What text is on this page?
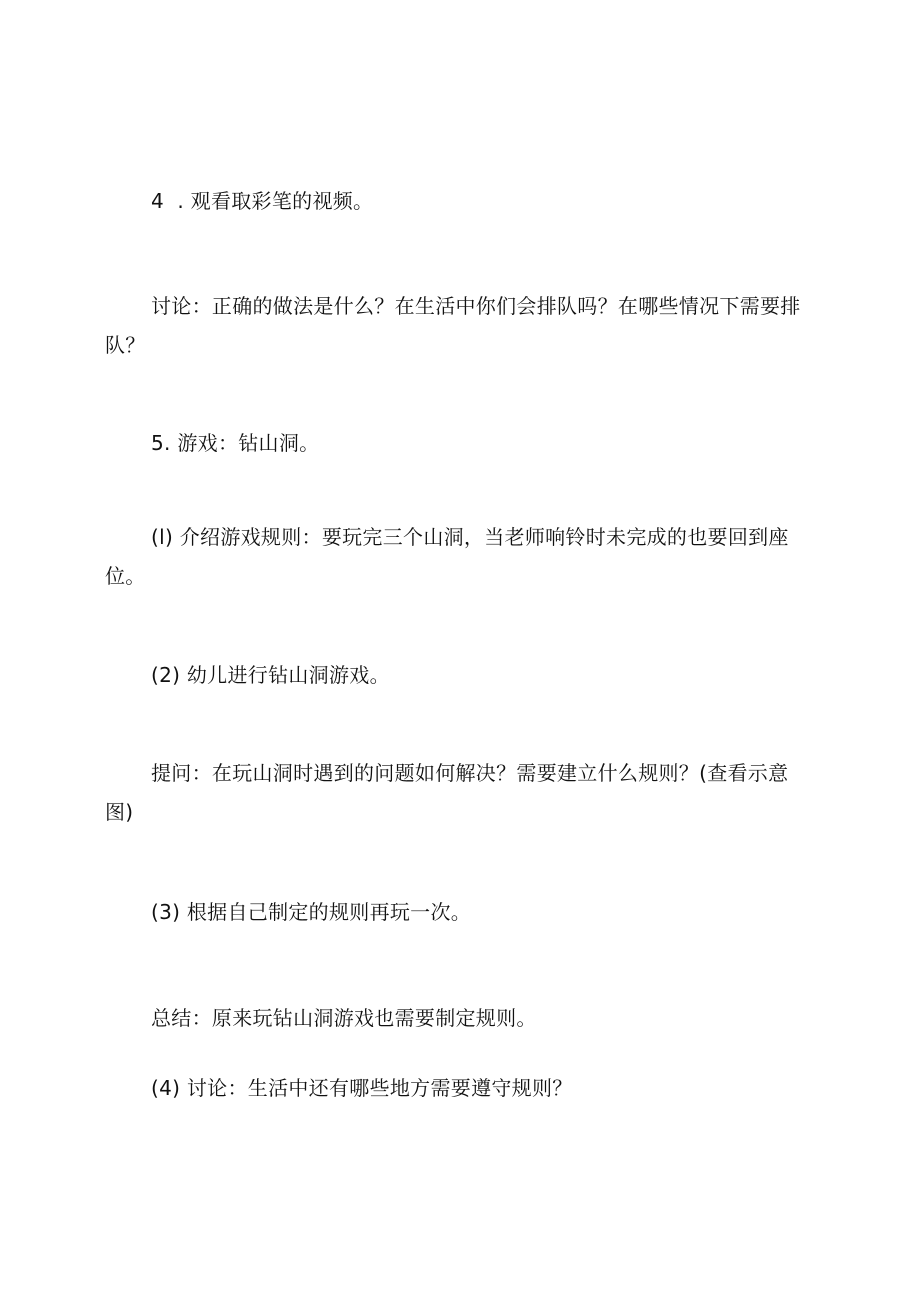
4  . 观看取彩笔的视频。

讨论：正确的做法是什么？在生活中你们会排队吗？在哪些情况下需要排队？

5. 游戏：钻山洞。

(l) 介绍游戏规则：要玩完三个山洞，当老师响铃时未完成的也要回到座位。

(2) 幼儿进行钻山洞游戏。

提问：在玩山洞时遇到的问题如何解决？需要建立什么规则？(查看示意图)

(3) 根据自己制定的规则再玩一次。

总结：原来玩钻山洞游戏也需要制定规则。

(4) 讨论：生活中还有哪些地方需要遵守规则？
